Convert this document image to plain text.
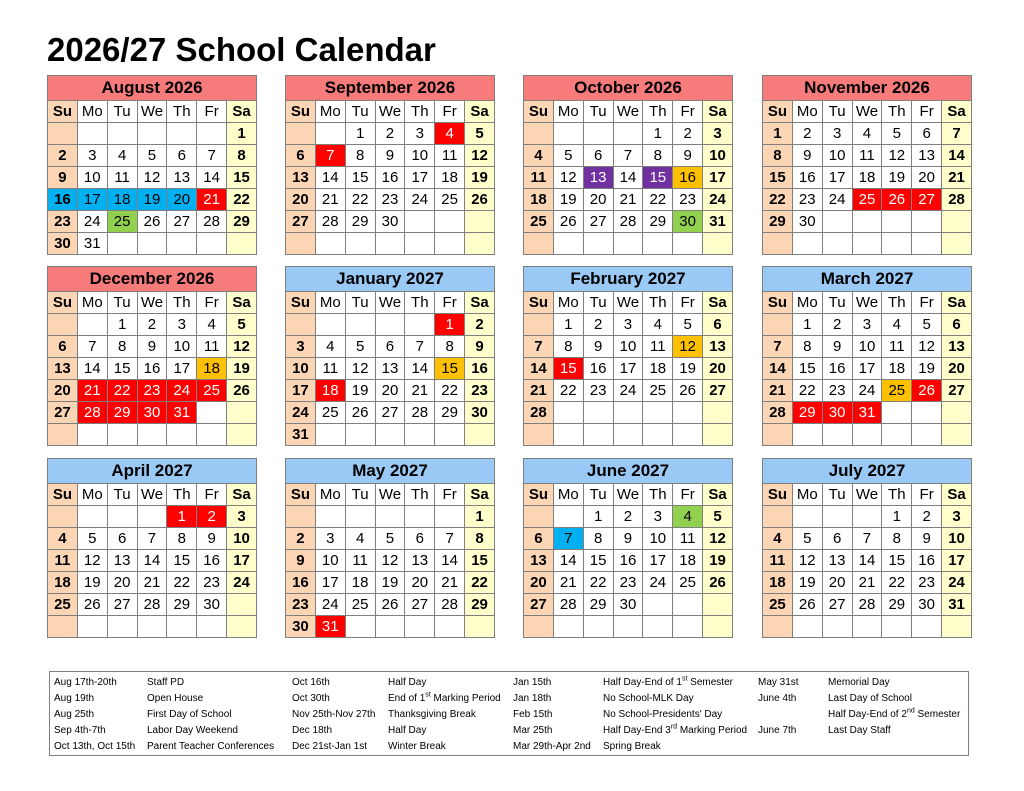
2026/27 School Calendar
August 2026						
Su	Mo	Tu	We	Th	Fr	Sa
						1
2	3	4	5	6	7	8
9	10	11	12	13	14	15
16	17	18	19	20	21	22
23	24	25	26	27	28	29
30	31					
September 2026						
Su	Mo	Tu	We	Th	Fr	Sa
		1	2	3	4	5
6	7	8	9	10	11	12
13	14	15	16	17	18	19
20	21	22	23	24	25	26
27	28	29	30			

October 2026						
Su	Mo	Tu	We	Th	Fr	Sa
				1	2	3
4	5	6	7	8	9	10
11	12	13	14	15	16	17
18	19	20	21	22	23	24
25	26	27	28	29	30	31

November 2026						
Su	Mo	Tu	We	Th	Fr	Sa
1	2	3	4	5	6	7
8	9	10	11	12	13	14
15	16	17	18	19	20	21
22	23	24	25	26	27	28
29	30					

December 2026						
Su	Mo	Tu	We	Th	Fr	Sa
		1	2	3	4	5
6	7	8	9	10	11	12
13	14	15	16	17	18	19
20	21	22	23	24	25	26
27	28	29	30	31		

January 2027						
Su	Mo	Tu	We	Th	Fr	Sa
					1	2
3	4	5	6	7	8	9
10	11	12	13	14	15	16
17	18	19	20	21	22	23
24	25	26	27	28	29	30
31						
February 2027						
Su	Mo	Tu	We	Th	Fr	Sa
	1	2	3	4	5	6
7	8	9	10	11	12	13
14	15	16	17	18	19	20
21	22	23	24	25	26	27
28						

March 2027						
Su	Mo	Tu	We	Th	Fr	Sa
	1	2	3	4	5	6
7	8	9	10	11	12	13
14	15	16	17	18	19	20
21	22	23	24	25	26	27
28	29	30	31			

April 2027						
Su	Mo	Tu	We	Th	Fr	Sa
				1	2	3
4	5	6	7	8	9	10
11	12	13	14	15	16	17
18	19	20	21	22	23	24
25	26	27	28	29	30	

May 2027						
Su	Mo	Tu	We	Th	Fr	Sa
						1
2	3	4	5	6	7	8
9	10	11	12	13	14	15
16	17	18	19	20	21	22
23	24	25	26	27	28	29
30	31					
June 2027						
Su	Mo	Tu	We	Th	Fr	Sa
		1	2	3	4	5
6	7	8	9	10	11	12
13	14	15	16	17	18	19
20	21	22	23	24	25	26
27	28	29	30			

July 2027						
Su	Mo	Tu	We	Th	Fr	Sa
				1	2	3
4	5	6	7	8	9	10
11	12	13	14	15	16	17
18	19	20	21	22	23	24
25	26	27	28	29	30	31

Aug 17th-20th	Staff PD	Oct 16th	Half Day	Jan 15th	Half Day-End of 1st Semester	May 31st	Memorial Day
Aug 19th	Open House	Oct 30th	End of 1st Marking Period	Jan 18th	No School-MLK Day	June 4th	Last Day of School
Aug 25th	First Day of School	Nov 25th-Nov 27th	Thanksgiving Break	Feb 15th	No School-Presidents' Day		Half Day-End of 2nd Semester
Sep 4th-7th	Labor Day Weekend	Dec 18th	Half Day	Mar 25th	Half Day-End 3rd Marking Period	June 7th	Last Day Staff
Oct 13th, Oct 15th	Parent Teacher Conferences	Dec 21st-Jan 1st	Winter Break	Mar 29th-Apr 2nd	Spring Break		
